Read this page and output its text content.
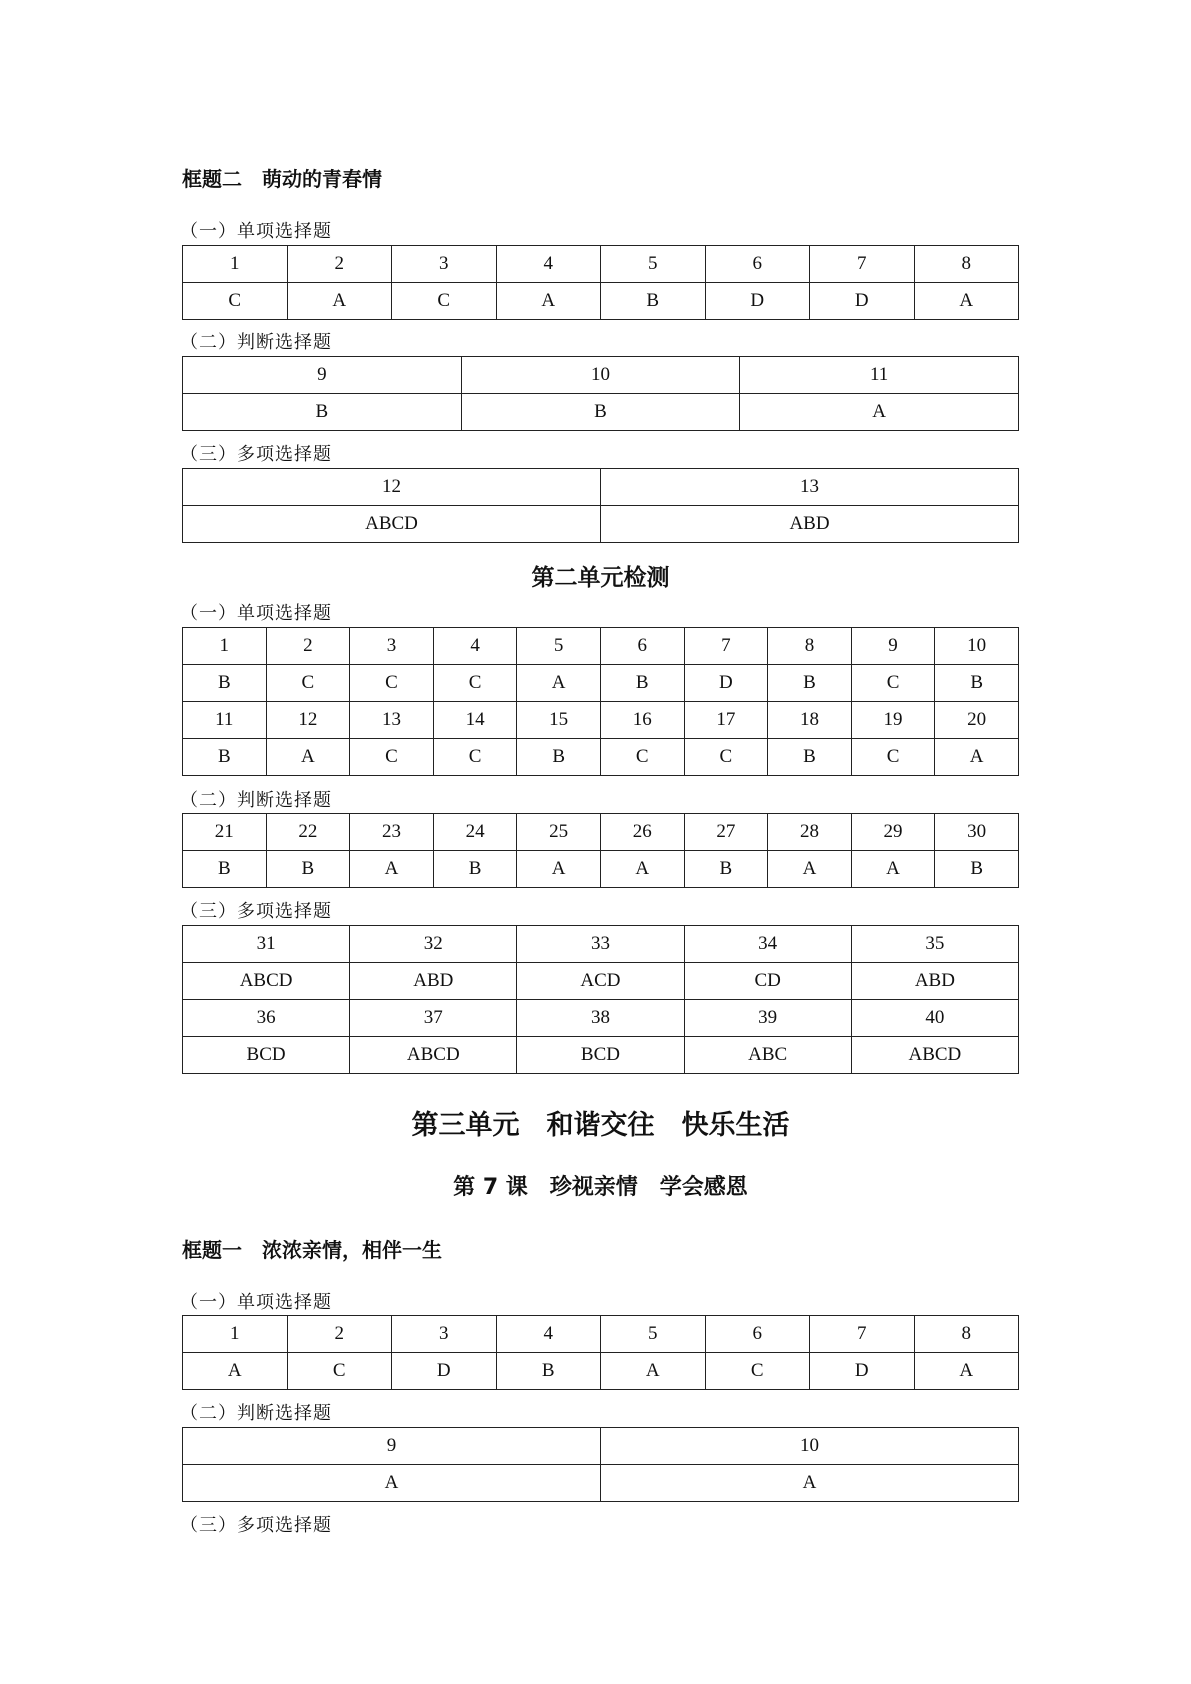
框题二　萌动的青春情
（一）单项选择题
1	2	3	4	5	6	7	8
C	A	C	A	B	D	D	A
（二）判断选择题
9	10	11
B	B	A
（三）多项选择题
12	13
ABCD	ABD
第二单元检测
（一）单项选择题
1	2	3	4	5	6	7	8	9	10
B	C	C	C	A	B	D	B	C	B
11	12	13	14	15	16	17	18	19	20
B	A	C	C	B	C	C	B	C	A
（二）判断选择题
21	22	23	24	25	26	27	28	29	30
B	B	A	B	A	A	B	A	A	B
（三）多项选择题
31	32	33	34	35
ABCD	ABD	ACD	CD	ABD
36	37	38	39	40
BCD	ABCD	BCD	ABC	ABCD
第三单元　和谐交往　快乐生活
第 7 课　珍视亲情　学会感恩
框题一　浓浓亲情，相伴一生
（一）单项选择题
1	2	3	4	5	6	7	8
A	C	D	B	A	C	D	A
（二）判断选择题
9	10
A	A
（三）多项选择题
